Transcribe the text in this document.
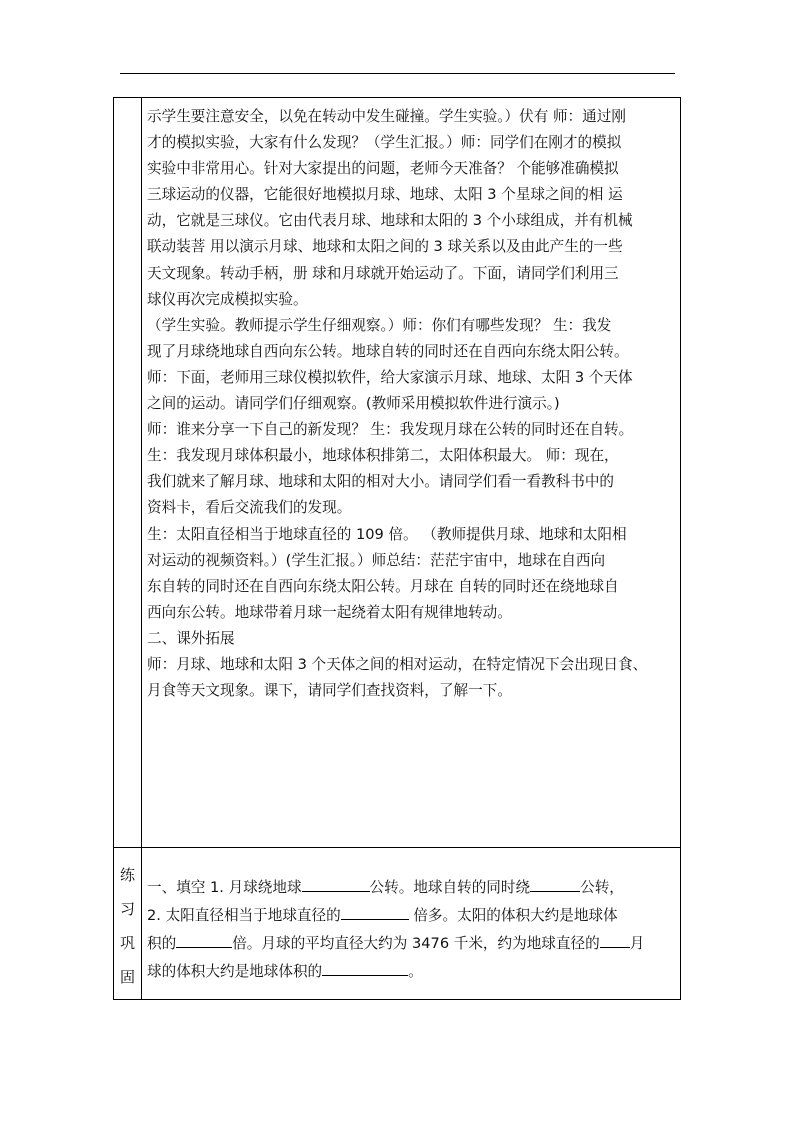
示学生要注意安全，以免在转动中发生碰撞。学生实验。）伏有 师：通过刚

才的模拟实验，大家有什么发现？（学生汇报。）师：同学们在刚才的模拟

实验中非常用心。针对大家提出的问题，老师今天准备？ 个能够准确模拟

三球运动的仪器，它能很好地模拟月球、地球、太阳 3 个星球之间的相 运

动，它就是三球仪。它由代表月球、地球和太阳的 3 个小球组成，并有机械

联动装菩 用以演示月球、地球和太阳之间的 3 球关系以及由此产生的一些

天文现象。转动手柄，册 球和月球就开始运动了。下面，请同学们利用三

球仪再次完成模拟实验。

（学生实验。教师提示学生仔细观察。）师：你们有哪些发现？ 生：我发

现了月球绕地球自西向东公转。地球自转的同时还在自西向东绕太阳公转。

师：下面，老师用三球仪模拟软件，给大家演示月球、地球、太阳 3 个天体

之间的运动。请同学们仔细观察。(教师采用模拟软件进行演示。)

师：谁来分享一下自己的新发现？ 生：我发现月球在公转的同时还在自转。

生：我发现月球体积最小，地球体积排第二，太阳体积最大。 师：现在，

我们就来了解月球、地球和太阳的相对大小。请同学们看一看教科书中的

资料卡，看后交流我们的发现。

生：太阳直径相当于地球直径的 109 倍。 （教师提供月球、地球和太阳相

对运动的视频资料。）(学生汇报。）师总结：茫茫宇宙中，地球在自西向

东自转的同时还在自西向东绕太阳公转。月球在 自转的同时还在绕地球自

西向东公转。地球带着月球一起绕着太阳有规律地转动。

二、课外拓展

师：月球、地球和太阳 3 个天体之间的相对运动，在特定情况下会出现日食、

月食等天文现象。课下，请同学们查找资料，了解一下。

练
习
巩
固

一、填空 1. 月球绕地球	公转。地球自转的同时绕	公转，

2. 太阳直径相当于地球直径的	倍多。太阳的体积大约是地球体

积的	倍。月球的平均直径大约为 3476 千米，约为地球直径的 月

球的体积大约是地球体积的	。
